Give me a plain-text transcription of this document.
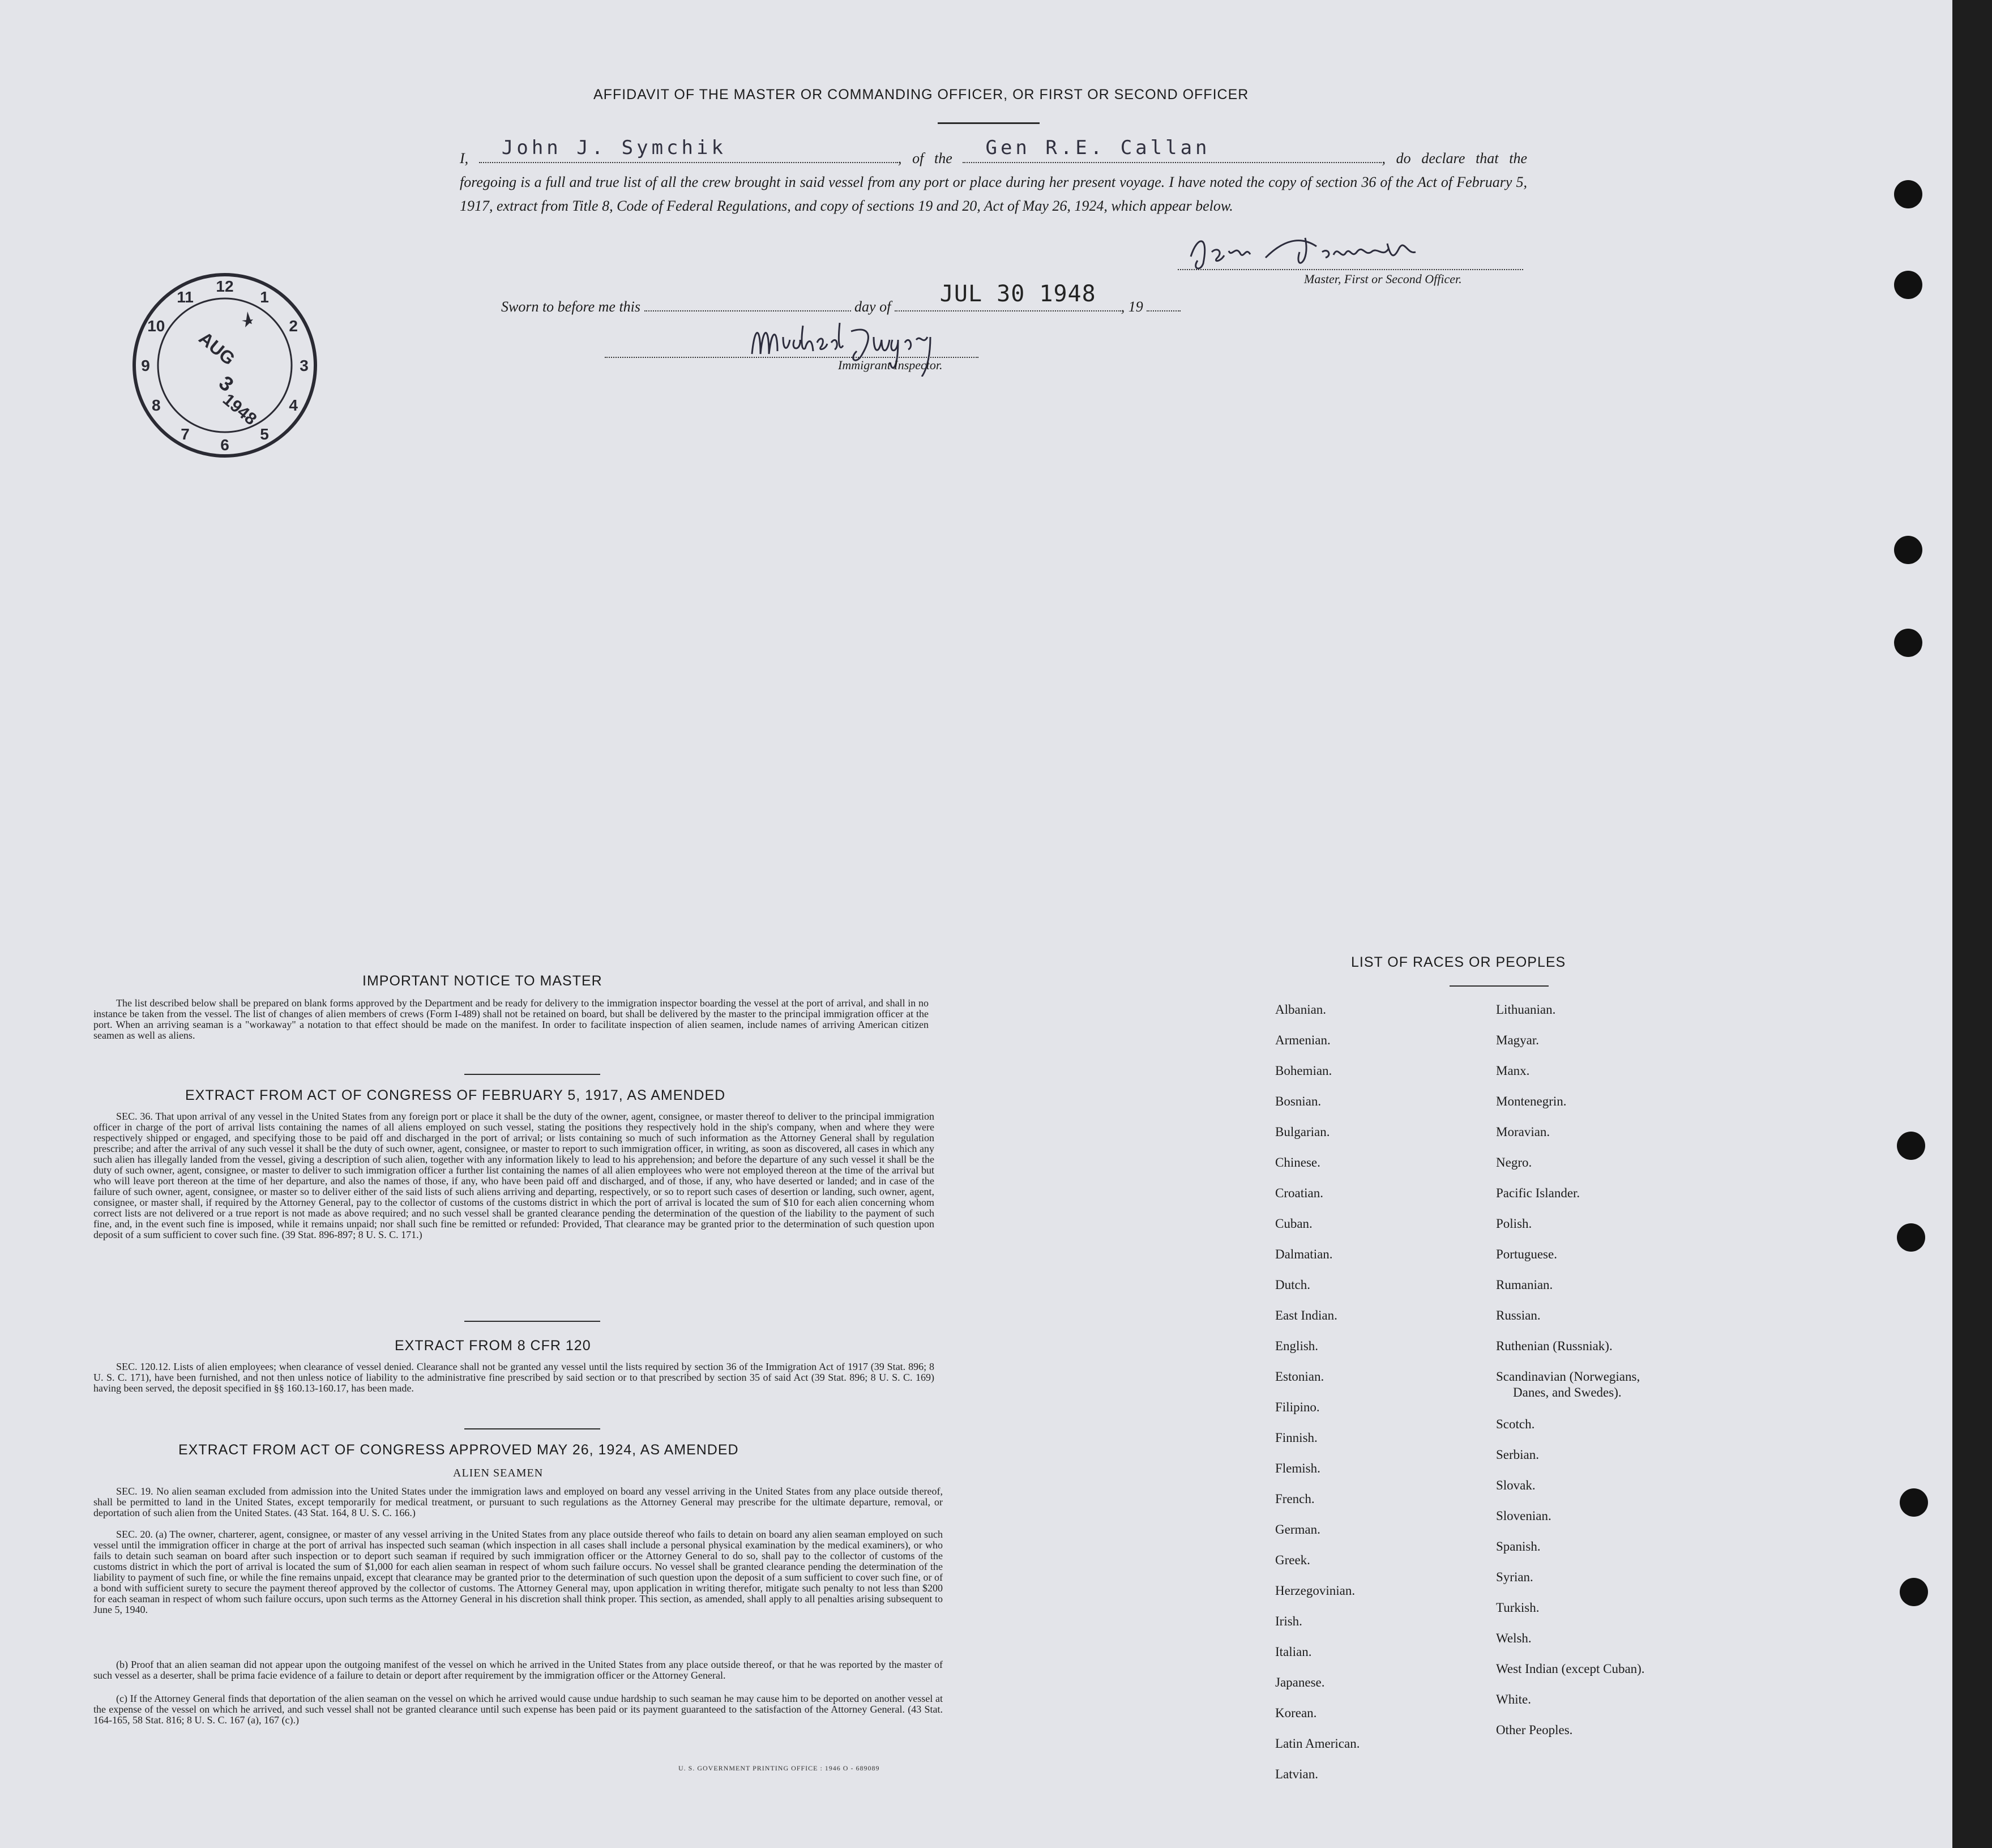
AFFIDAVIT OF THE MASTER OR COMMANDING OFFICER, OR FIRST OR SECOND OFFICER
I, John J. Symchik	, of the Gen R.E. Callan	, do declare that the foregoing is a full and true list of all the crew brought in said vessel from any port or place during her present voyage. I have noted the copy of section 36 of the Act of February 5, 1917, extract from Title 8, Code of Federal Regulations, and copy of sections 19 and 20, Act of May 26, 1924, which appear below.
Master, First or Second Officer.
Sworn to before me this	day of JUL 30 1948 , 19
Immigrant Inspector.
1
2
3
4
5
6
7
8
9
10
11
12
AUG
3
1948
IMPORTANT NOTICE TO MASTER
The list described below shall be prepared on blank forms approved by the Department and be ready for delivery to the immigration inspector boarding the vessel at the port of arrival, and shall in no instance be taken from the vessel. The list of changes of alien members of crews (Form I-489) shall not be retained on board, but shall be delivered by the master to the principal immigration officer at the port. When an arriving seaman is a "workaway" a notation to that effect should be made on the manifest. In order to facilitate inspection of alien seamen, include names of arriving American citizen seamen as well as aliens.
EXTRACT FROM ACT OF CONGRESS OF FEBRUARY 5, 1917, AS AMENDED
SEC. 36. That upon arrival of any vessel in the United States from any foreign port or place it shall be the duty of the owner, agent, consignee, or master thereof to deliver to the principal immigration officer in charge of the port of arrival lists containing the names of all aliens employed on such vessel, stating the positions they respectively hold in the ship's company, when and where they were respectively shipped or engaged, and specifying those to be paid off and discharged in the port of arrival; or lists containing so much of such information as the Attorney General shall by regulation prescribe; and after the arrival of any such vessel it shall be the duty of such owner, agent, consignee, or master to report to such immigration officer, in writing, as soon as discovered, all cases in which any such alien has illegally landed from the vessel, giving a description of such alien, together with any information likely to lead to his apprehension; and before the departure of any such vessel it shall be the duty of such owner, agent, consignee, or master to deliver to such immigration officer a further list containing the names of all alien employees who were not employed thereon at the time of the arrival but who will leave port thereon at the time of her departure, and also the names of those, if any, who have been paid off and discharged, and of those, if any, who have deserted or landed; and in case of the failure of such owner, agent, consignee, or master so to deliver either of the said lists of such aliens arriving and departing, respectively, or so to report such cases of desertion or landing, such owner, agent, consignee, or master shall, if required by the Attorney General, pay to the collector of customs of the customs district in which the port of arrival is located the sum of $10 for each alien concerning whom correct lists are not delivered or a true report is not made as above required; and no such vessel shall be granted clearance pending the determination of the question of the liability to the payment of such fine, and, in the event such fine is imposed, while it remains unpaid; nor shall such fine be remitted or refunded: Provided, That clearance may be granted prior to the determination of such question upon deposit of a sum sufficient to cover such fine. (39 Stat. 896-897; 8 U. S. C. 171.)
EXTRACT FROM 8 CFR 120
SEC. 120.12. Lists of alien employees; when clearance of vessel denied. Clearance shall not be granted any vessel until the lists required by section 36 of the Immigration Act of 1917 (39 Stat. 896; 8 U. S. C. 171), have been furnished, and not then unless notice of liability to the administrative fine prescribed by said section or to that prescribed by section 35 of said Act (39 Stat. 896; 8 U. S. C. 169) having been served, the deposit specified in §§ 160.13-160.17, has been made.
EXTRACT FROM ACT OF CONGRESS APPROVED MAY 26, 1924, AS AMENDED
ALIEN SEAMEN
SEC. 19. No alien seaman excluded from admission into the United States under the immigration laws and employed on board any vessel arriving in the United States from any place outside thereof, shall be permitted to land in the United States, except temporarily for medical treatment, or pursuant to such regulations as the Attorney General may prescribe for the ultimate departure, removal, or deportation of such alien from the United States. (43 Stat. 164, 8 U. S. C. 166.)
SEC. 20. (a) The owner, charterer, agent, consignee, or master of any vessel arriving in the United States from any place outside thereof who fails to detain on board any alien seaman employed on such vessel until the immigration officer in charge at the port of arrival has inspected such seaman (which inspection in all cases shall include a personal physical examination by the medical examiners), or who fails to detain such seaman on board after such inspection or to deport such seaman if required by such immigration officer or the Attorney General to do so, shall pay to the collector of customs of the customs district in which the port of arrival is located the sum of $1,000 for each alien seaman in respect of whom such failure occurs. No vessel shall be granted clearance pending the determination of the liability to payment of such fine, or while the fine remains unpaid, except that clearance may be granted prior to the determination of such question upon the deposit of a sum sufficient to cover such fine, or of a bond with sufficient surety to secure the payment thereof approved by the collector of customs. The Attorney General may, upon application in writing therefor, mitigate such penalty to not less than $200 for each seaman in respect of whom such failure occurs, upon such terms as the Attorney General in his discretion shall think proper. This section, as amended, shall apply to all penalties arising subsequent to June 5, 1940.
(b) Proof that an alien seaman did not appear upon the outgoing manifest of the vessel on which he arrived in the United States from any place outside thereof, or that he was reported by the master of such vessel as a deserter, shall be prima facie evidence of a failure to detain or deport after requirement by the immigration officer or the Attorney General.
(c) If the Attorney General finds that deportation of the alien seaman on the vessel on which he arrived would cause undue hardship to such seaman he may cause him to be deported on another vessel at the expense of the vessel on which he arrived, and such vessel shall not be granted clearance until such expense has been paid or its payment guaranteed to the satisfaction of the Attorney General. (43 Stat. 164-165, 58 Stat. 816; 8 U. S. C. 167 (a), 167 (c).)
U. S. GOVERNMENT PRINTING OFFICE : 1946 O - 689089
LIST OF RACES OR PEOPLES
Albanian.
Armenian.
Bohemian.
Bosnian.
Bulgarian.
Chinese.
Croatian.
Cuban.
Dalmatian.
Dutch.
East Indian.
English.
Estonian.
Filipino.
Finnish.
Flemish.
French.
German.
Greek.
Herzegovinian.
Irish.
Italian.
Japanese.
Korean.
Latin American.
Latvian.
Lithuanian.
Magyar.
Manx.
Montenegrin.
Moravian.
Negro.
Pacific Islander.
Polish.
Portuguese.
Rumanian.
Russian.
Ruthenian (Russniak).
Scandinavian (Norwegians,
Danes, and Swedes).
Scotch.
Serbian.
Slovak.
Slovenian.
Spanish.
Syrian.
Turkish.
Welsh.
West Indian (except Cuban).
White.
Other Peoples.
